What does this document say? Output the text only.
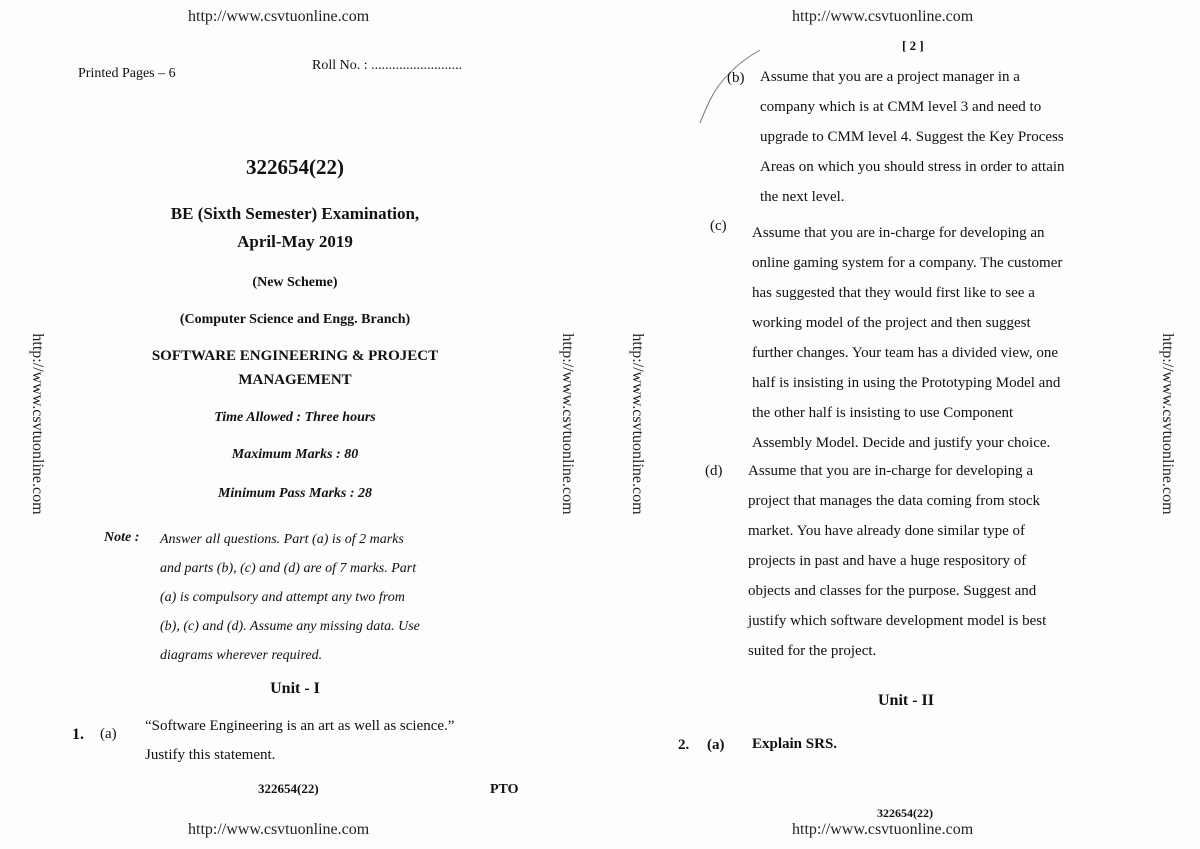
http://www.csvtuonline.com	http://www.csvtuonline.com
http://www.csvtuonline.com	http://www.csvtuonline.com
http://www.csvtuonline.com	http://www.csvtuonline.com	http://www.csvtuonline.com	http://www.csvtuonline.com
Printed Pages – 6
Roll No. : ..........................
322654(22)
BE (Sixth Semester) Examination,
April-May 2019
(New Scheme)
(Computer Science and Engg. Branch)
SOFTWARE ENGINEERING & PROJECT
MANAGEMENT
Time Allowed : Three hours
Maximum Marks : 80
Minimum Pass Marks : 28
Note : Answer all questions. Part (a) is of 2 marks
and parts (b), (c) and (d) are of 7 marks. Part
(a) is compulsory and attempt any two from
(b), (c) and (d). Assume any missing data. Use
diagrams wherever required.
Unit - I
1. (a) “Software Engineering is an art as well as science.”
Justify this statement.
322654(22)	PTO
[ 2 ]
(b) Assume that you are a project manager in a
company which is at CMM level 3 and need to
upgrade to CMM level 4. Suggest the Key Process
Areas on which you should stress in order to attain
the next level.
(c) Assume that you are in-charge for developing an
online gaming system for a company. The customer
has suggested that they would first like to see a
working model of the project and then suggest
further changes. Your team has a divided view, one
half is insisting in using the Prototyping Model and
the other half is insisting to use Component
Assembly Model. Decide and justify your choice.
(d) Assume that you are in-charge for developing a
project that manages the data coming from stock
market. You have already done similar type of
projects in past and have a huge respository of
objects and classes for the purpose. Suggest and
justify which software development model is best
suited for the project.
Unit - II
2. (a) Explain SRS.
322654(22)
